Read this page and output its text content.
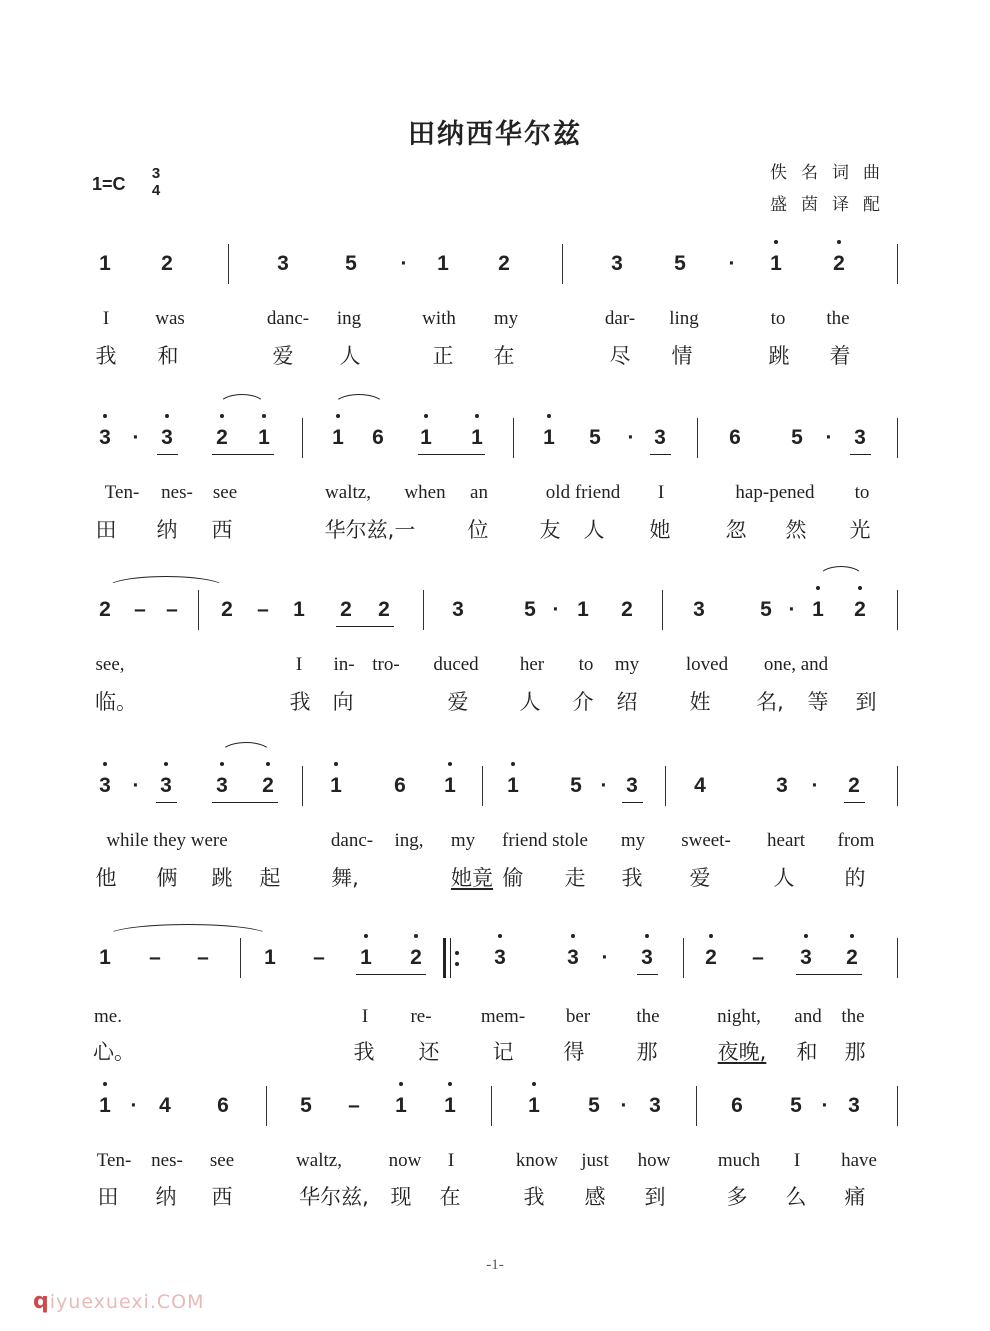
田纳西华尔兹
佚名词曲
盛茵译配
1=C
3
4
1 2	3	5	·	1 2	3 5	·	1 2
I was	danc- ing	with my	dar- ling	to the
我 和	爱 人	正 在	尽 情	跳 着
3	·	3 2 1	1 6 1 1	1 5	· 3	6 5	·	3
Ten- nes- see	waltz, when an	old friend I	hap-pened to
田 纳 西	华尔兹,一 位 友 人 她	忽 然 光
2 – – 2 – 1 2 2	3	5 · 1 2	3	5 · 1 2
see,	I in- tro- duced her to my loved one, and
临。	我 向	爱 人 介 绍 姓 名, 等 到
3	· 3 3 2	1 6 1 1 5 · 3	4	3	·	2
while they were	danc- ing, my friend stole my sweet- heart from
他 俩 跳 起 舞,	她竟 偷 走 我 爱	人 的
1 – –	1 – 1 2	3	3	·	3 2 – 3 2
me.	I re-	mem- ber the	night, and the
心。	我 还	记 得 那	夜晚, 和 那
1 ·	4 6	5 – 1 1	1 5 ·	3	6 5 · 3
Ten- nes- see	waltz, now I	know just how	much I have
田 纳 西	华尔兹, 现 在	我 感 到	多 么 痛
-1-
qiyuexuexi.COM
